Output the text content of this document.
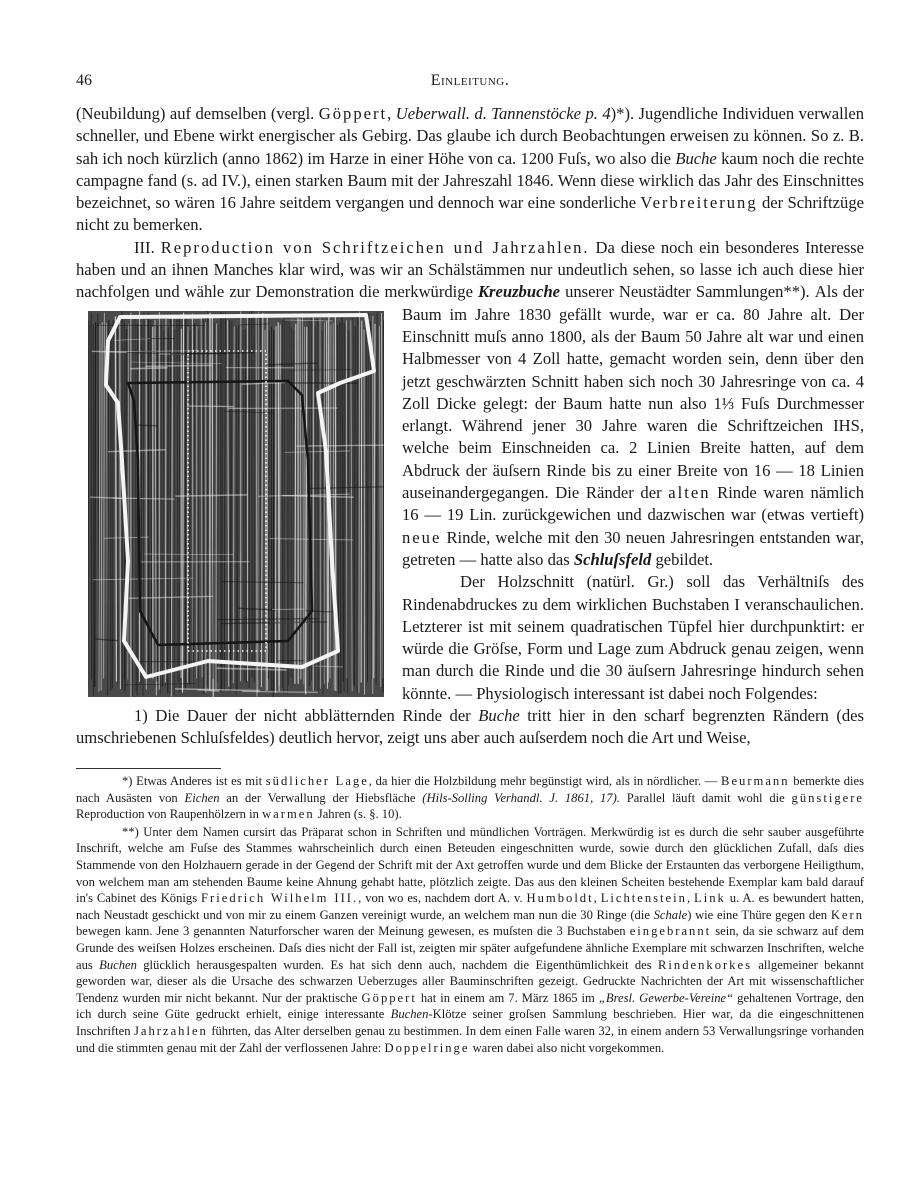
46	Einleitung.

(Neubildung) auf demselben (vergl. Göppert, Ueberwall. d. Tannenstöcke p. 4)*). Jugendliche Individuen verwallen schneller, und Ebene wirkt energischer als Gebirg. Das glaube ich durch Beobachtungen erweisen zu können. So z. B. sah ich noch kürzlich (anno 1862) im Harze in einer Höhe von ca. 1200 Fuſs, wo also die Buche kaum noch die rechte campagne fand (s. ad IV.), einen starken Baum mit der Jahreszahl 1846. Wenn diese wirklich das Jahr des Einschnittes bezeichnet, so wären 16 Jahre seitdem vergangen und dennoch war eine sonderliche Verbreiterung der Schriftzüge nicht zu bemerken.

III. Reproduction von Schriftzeichen und Jahrzahlen. Da diese noch ein besonderes Interesse haben und an ihnen Manches klar wird, was wir an Schälstämmen nur undeutlich sehen, so lasse ich auch diese hier nachfolgen und wähle zur Demonstration die merkwürdige Kreuzbuche unserer Neustädter Sammlungen**).
Als der Baum im Jahre 1830 gefällt wurde, war er ca. 80 Jahre alt. Der Einschnitt muſs anno 1800, als der Baum 50 Jahre alt war und einen Halbmesser von 4 Zoll hatte, gemacht worden sein, denn über den jetzt geschwärzten Schnitt haben sich noch 30 Jahresringe von ca. 4 Zoll Dicke gelegt: der Baum hatte nun also 1⅓ Fuſs Durchmesser erlangt. Während jener 30 Jahre waren die Schriftzeichen IHS, welche beim Einschneiden ca. 2 Linien Breite hatten, auf dem Abdruck der äuſsern Rinde bis zu einer Breite von 16 — 18 Linien auseinandergegangen. Die Ränder der alten Rinde waren nämlich 16 — 19 Lin. zurückgewichen und dazwischen war (etwas vertieft) neue Rinde, welche mit den 30 neuen Jahresringen entstanden war, getreten — hatte also das Schluſsfeld gebildet.

Der Holzschnitt (natürl. Gr.) soll das Verhältniſs des Rindenabdruckes zu dem wirklichen Buchstaben I veranschaulichen. Letzterer ist mit seinem quadratischen Tüpfel hier durchpunktirt: er würde die Gröſse, Form und Lage zum Abdruck genau zeigen, wenn man durch die Rinde und die 30 äuſsern Jahresringe hindurch sehen könnte. — Physiologisch interessant ist dabei noch Folgendes:

1) Die Dauer der nicht abblätternden Rinde der Buche tritt hier in den scharf begrenzten Rändern (des umschriebenen Schluſsfeldes) deutlich hervor, zeigt uns aber auch auſserdem noch die Art und Weise,

*) Etwas Anderes ist es mit südlicher Lage, da hier die Holzbildung mehr begünstigt wird, als in nördlicher. — Beurmann bemerkte dies nach Ausästen von Eichen an der Verwallung der Hiebsfläche (Hils-Solling Verhandl. J. 1861, 17). Parallel läuft damit wohl die günstigere Reproduction von Raupenhölzern in warmen Jahren (s. §. 10).

**) Unter dem Namen cursirt das Präparat schon in Schriften und mündlichen Vorträgen. Merkwürdig ist es durch die sehr sauber ausgeführte Inschrift, welche am Fuſse des Stammes wahrscheinlich durch einen Beteuden eingeschnitten wurde, sowie durch den glücklichen Zufall, daſs dies Stammende von den Holzhauern gerade in der Gegend der Schrift mit der Axt getroffen wurde und dem Blicke der Erstaunten das verborgene Heiligthum, von welchem man am stehenden Baume keine Ahnung gehabt hatte, plötzlich zeigte. Das aus den kleinen Scheiten bestehende Exemplar kam bald darauf in's Cabinet des Königs Friedrich Wilhelm III., von wo es, nachdem dort A. v. Humboldt, Lichtenstein, Link u. A. es bewundert hatten, nach Neustadt geschickt und von mir zu einem Ganzen vereinigt wurde, an welchem man nun die 30 Ringe (die Schale) wie eine Thüre gegen den Kern bewegen kann. Jene 3 genannten Naturforscher waren der Meinung gewesen, es muſsten die 3 Buchstaben eingebrannt sein, da sie schwarz auf dem Grunde des weiſsen Holzes erscheinen. Daſs dies nicht der Fall ist, zeigten mir später aufgefundene ähnliche Exemplare mit schwarzen Inschriften, welche aus Buchen glücklich herausgespalten wurden. Es hat sich denn auch, nachdem die Eigenthümlichkeit des Rindenkorkes allgemeiner bekannt geworden war, dieser als die Ursache des schwarzen Ueberzuges aller Bauminschriften gezeigt. Gedruckte Nachrichten der Art mit wissenschaftlicher Tendenz wurden mir nicht bekannt. Nur der praktische Göppert hat in einem am 7. März 1865 im „Bresl. Gewerbe-Vereine“ gehaltenen Vortrage, den ich durch seine Güte gedruckt erhielt, einige interessante Buchen-Klötze seiner groſsen Sammlung beschrieben. Hier war, da die eingeschnittenen Inschriften Jahrzahlen führten, das Alter derselben genau zu bestimmen. In dem einen Falle waren 32, in einem andern 53 Verwallungsringe vorhanden und die stimmten genau mit der Zahl der verflossenen Jahre: Doppelringe waren dabei also nicht vorgekommen.
